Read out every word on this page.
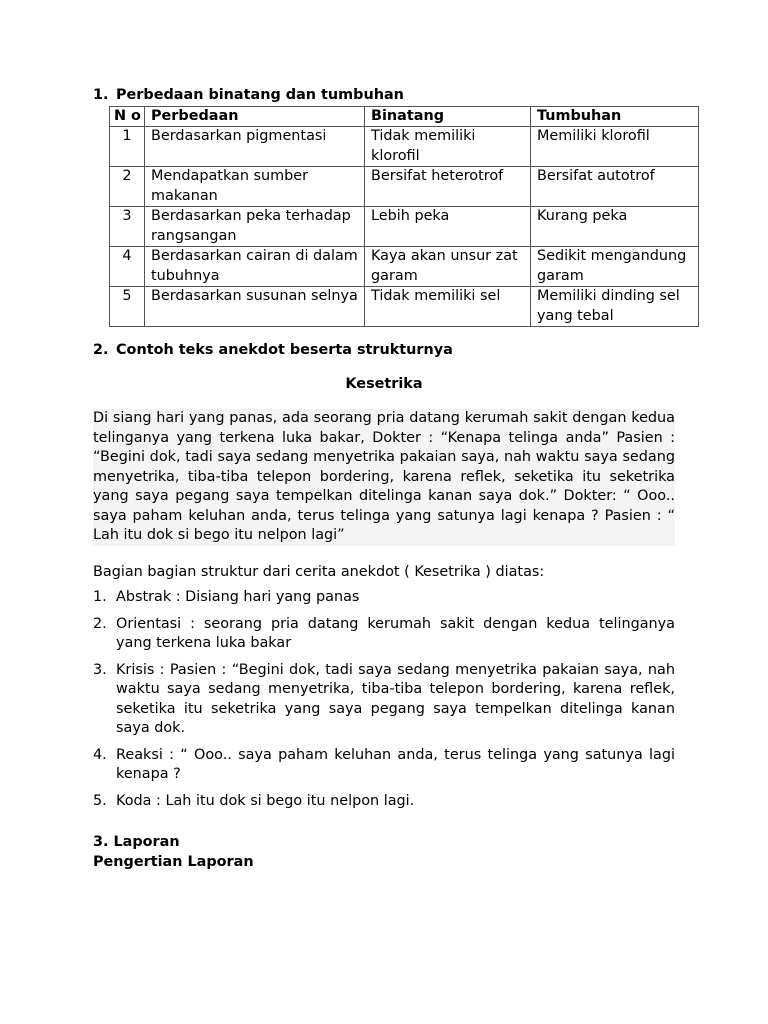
1. Perbedaan binatang dan tumbuhan
N o	Perbedaan	Binatang	Tumbuhan
1	Berdasarkan pigmentasi	Tidak memiliki klorofil	Memiliki klorofil
2	Mendapatkan sumber makanan	Bersifat heterotrof	Bersifat autotrof
3	Berdasarkan peka terhadap rangsangan	Lebih peka	Kurang peka
4	Berdasarkan cairan di dalam tubuhnya	Kaya akan unsur zat garam	Sedikit mengandung garam
5	Berdasarkan susunan selnya	Tidak memiliki sel	Memiliki dinding sel yang tebal
2. Contoh teks anekdot beserta strukturnya
Kesetrika

Di siang hari yang panas, ada seorang pria datang kerumah sakit dengan kedua telinganya yang terkena luka bakar, Dokter : “Kenapa telinga anda” Pasien : “Begini dok, tadi saya sedang menyetrika pakaian saya, nah waktu saya sedang menyetrika, tiba-tiba telepon bordering, karena reflek, seketika itu seketrika yang saya pegang saya tempelkan ditelinga kanan saya dok.” Dokter: “ Ooo.. saya paham keluhan anda, terus telinga yang satunya lagi kenapa ? Pasien : “ Lah itu dok si bego itu nelpon lagi”

Bagian bagian struktur dari cerita anekdot ( Kesetrika ) diatas:
1. Abstrak : Disiang hari yang panas
2. Orientasi : seorang pria datang kerumah sakit dengan kedua telinganya yang terkena luka bakar
3. Krisis : Pasien : “Begini dok, tadi saya sedang menyetrika pakaian saya, nah waktu saya sedang menyetrika, tiba-tiba telepon bordering, karena reflek, seketika itu seketrika yang saya pegang saya tempelkan ditelinga kanan saya dok.
4. Reaksi : “ Ooo.. saya paham keluhan anda, terus telinga yang satunya lagi kenapa ?
5. Koda : Lah itu dok si bego itu nelpon lagi.
3. Laporan
Pengertian Laporan
